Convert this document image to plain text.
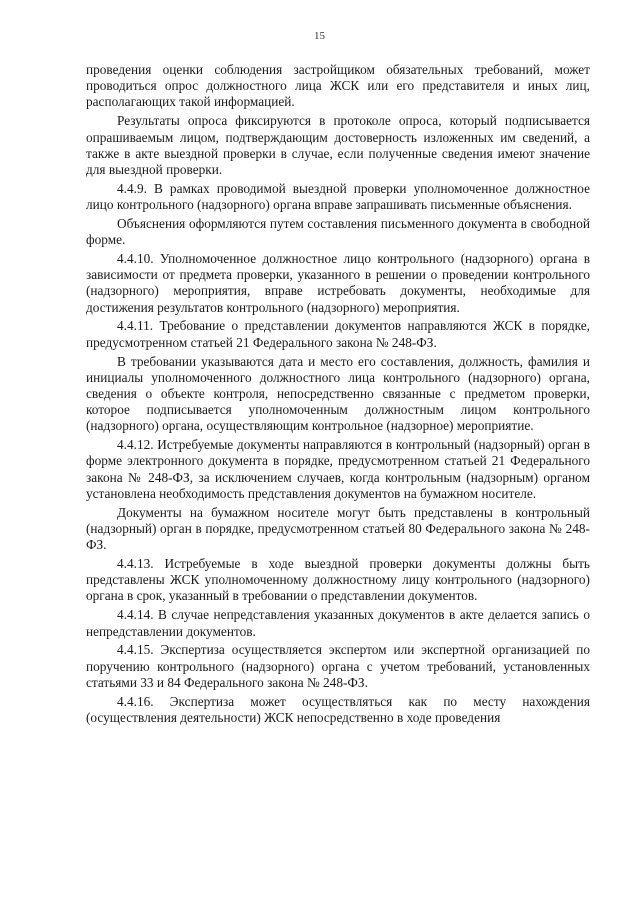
15

проведения оценки соблюдения застройщиком обязательных требований, может проводиться опрос должностного лица ЖСК или его представителя и иных лиц, располагающих такой информацией.

Результаты опроса фиксируются в протоколе опроса, который подписывается опрашиваемым лицом, подтверждающим достоверность изложенных им сведений, а также в акте выездной проверки в случае, если полученные сведения имеют значение для выездной проверки.

4.4.9. В рамках проводимой выездной проверки уполномоченное должностное лицо контрольного (надзорного) органа вправе запрашивать письменные объяснения.

Объяснения оформляются путем составления письменного документа в свободной форме.

4.4.10. Уполномоченное должностное лицо контрольного (надзорного) органа в зависимости от предмета проверки, указанного в решении о проведении контрольного (надзорного) мероприятия, вправе истребовать документы, необходимые для достижения результатов контрольного (надзорного) мероприятия.

4.4.11. Требование о представлении документов направляются ЖСК в порядке, предусмотренном статьей 21 Федерального закона № 248-ФЗ.

В требовании указываются дата и место его составления, должность, фамилия и инициалы уполномоченного должностного лица контрольного (надзорного) органа, сведения о объекте контроля, непосредственно связанные с предметом проверки, которое подписывается уполномоченным должностным лицом контрольного (надзорного) органа, осуществляющим контрольное (надзорное) мероприятие.

4.4.12. Истребуемые документы направляются в контрольный (надзорный) орган в форме электронного документа в порядке, предусмотренном статьей 21 Федерального закона № 248-ФЗ, за исключением случаев, когда контрольным (надзорным) органом установлена необходимость представления документов на бумажном носителе.

Документы на бумажном носителе могут быть представлены в контрольный (надзорный) орган в порядке, предусмотренном статьей 80 Федерального закона № 248-ФЗ.

4.4.13. Истребуемые в ходе выездной проверки документы должны быть представлены ЖСК уполномоченному должностному лицу контрольного (надзорного) органа в срок, указанный в требовании о представлении документов.

4.4.14. В случае непредставления указанных документов в акте делается запись о непредставлении документов.

4.4.15. Экспертиза осуществляется экспертом или экспертной организацией по поручению контрольного (надзорного) органа с учетом требований, установленных статьями 33 и 84 Федерального закона № 248-ФЗ.

4.4.16. Экспертиза может осуществляться как по месту нахождения (осуществления деятельности) ЖСК непосредственно в ходе проведения
